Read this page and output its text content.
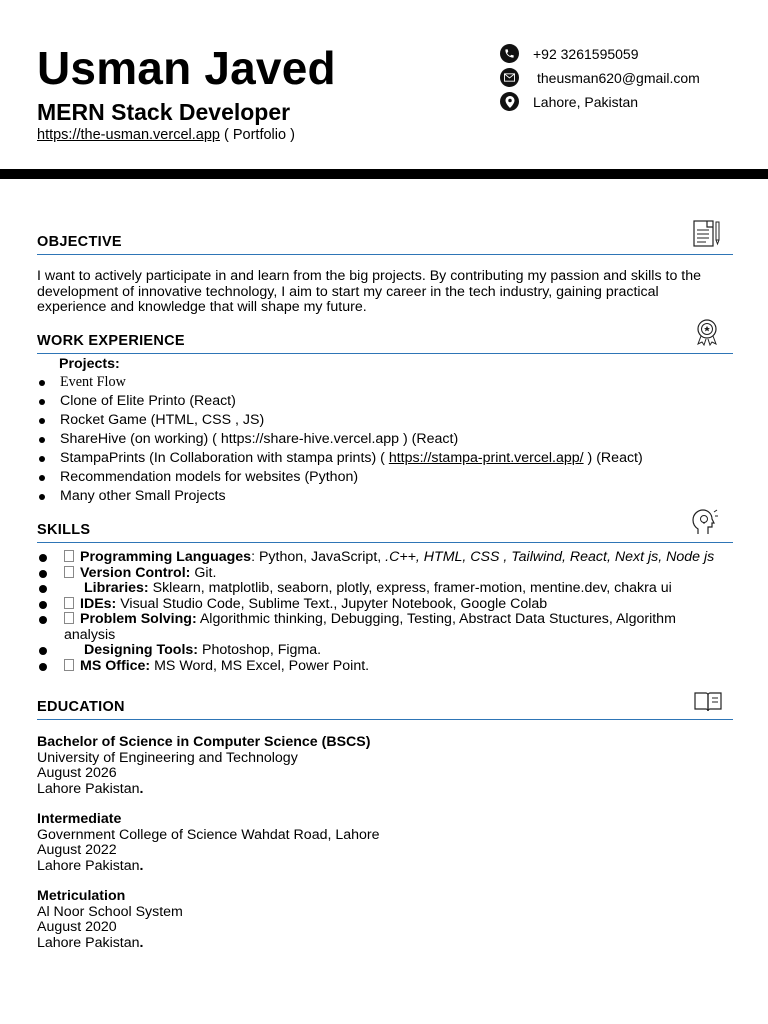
Usman Javed
MERN Stack Developer
https://the-usman.vercel.app ( Portfolio )
+92 3261595059
theusman620@gmail.com
Lahore, Pakistan
OBJECTIVE
I want to actively participate in and learn from the big projects. By contributing my passion and skills to the development of innovative technology, I aim to start my career in the tech industry, gaining practical experience and knowledge that will shape my future.
WORK EXPERIENCE
Projects:
Event Flow
Clone of Elite Printo (React)
Rocket Game (HTML, CSS , JS)
ShareHive (on working) ( https://share-hive.vercel.app ) (React)
StampaPrints (In Collaboration with stampa prints) ( https://stampa-print.vercel.app/ ) (React)
Recommendation models for websites (Python)
Many other Small Projects
SKILLS
Programming Languages: Python, JavaScript, .C++, HTML, CSS , Tailwind, React, Next js, Node js
Version Control: Git.
Libraries: Sklearn, matplotlib, seaborn, plotly, express, framer-motion, mentine.dev, chakra ui
IDEs: Visual Studio Code, Sublime Text., Jupyter Notebook, Google Colab
Problem Solving: Algorithmic thinking, Debugging, Testing, Abstract Data Stuctures, Algorithm analysis
Designing Tools: Photoshop, Figma.
MS Office: MS Word, MS Excel, Power Point.
EDUCATION
Bachelor of Science in Computer Science (BSCS)
University of Engineering and Technology
August 2026
Lahore Pakistan.
Intermediate
Government College of Science Wahdat Road, Lahore
August 2022
Lahore Pakistan.
Metriculation
Al Noor School System
August 2020
Lahore Pakistan.
